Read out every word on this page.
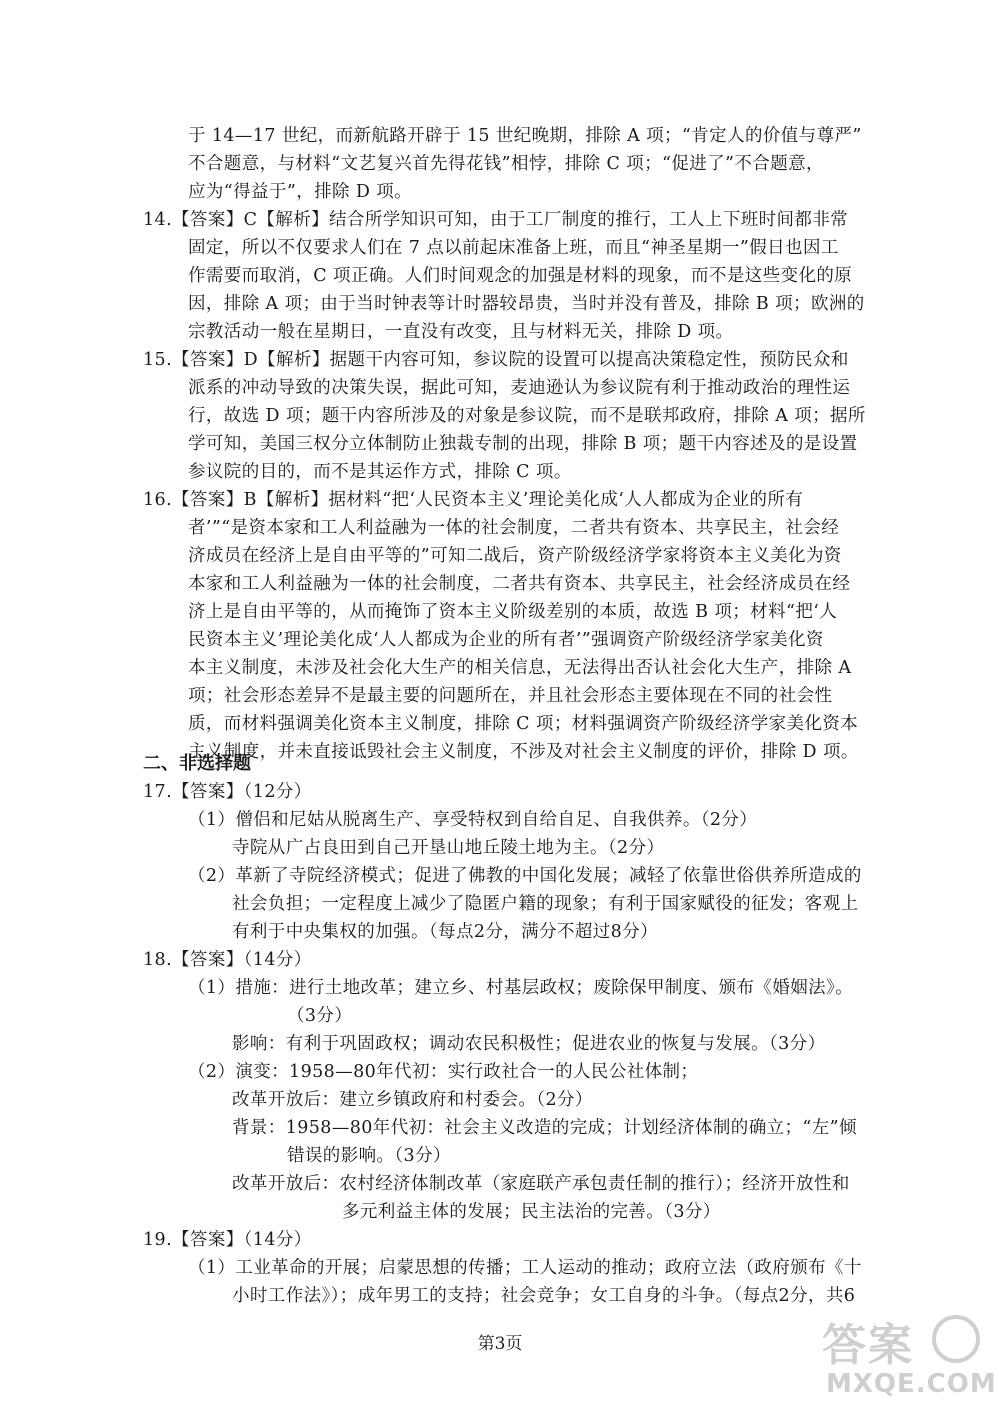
于 14—17 世纪，而新航路开辟于 15 世纪晚期，排除 A 项；“肯定人的价值与尊严”
不合题意，与材料“文艺复兴首先得花钱”相悖，排除 C 项；“促进了”不合题意，
应为“得益于”，排除 D 项。
14.【答案】C【解析】结合所学知识可知，由于工厂制度的推行，工人上下班时间都非常
固定，所以不仅要求人们在 7 点以前起床准备上班，而且“神圣星期一”假日也因工
作需要而取消，C 项正确。人们时间观念的加强是材料的现象，而不是这些变化的原
因，排除 A 项；由于当时钟表等计时器较昂贵，当时并没有普及，排除 B 项；欧洲的
宗教活动一般在星期日，一直没有改变，且与材料无关，排除 D 项。
15.【答案】D【解析】据题干内容可知，参议院的设置可以提高决策稳定性，预防民众和
派系的冲动导致的决策失误，据此可知，麦迪逊认为参议院有利于推动政治的理性运
行，故选 D 项；题干内容所涉及的对象是参议院，而不是联邦政府，排除 A 项；据所
学可知，美国三权分立体制防止独裁专制的出现，排除 B 项；题干内容述及的是设置
参议院的目的，而不是其运作方式，排除 C 项。
16.【答案】B【解析】据材料“把‘人民资本主义’理论美化成‘人人都成为企业的所有
者’”“是资本家和工人利益融为一体的社会制度，二者共有资本、共享民主，社会经
济成员在经济上是自由平等的”可知二战后，资产阶级经济学家将资本主义美化为资
本家和工人利益融为一体的社会制度，二者共有资本、共享民主，社会经济成员在经
济上是自由平等的，从而掩饰了资本主义阶级差别的本质，故选 B 项；材料“把‘人
民资本主义’理论美化成‘人人都成为企业的所有者’”强调资产阶级经济学家美化资
本主义制度，未涉及社会化大生产的相关信息，无法得出否认社会化大生产，排除 A
项；社会形态差异不是最主要的问题所在，并且社会形态主要体现在不同的社会性
质，而材料强调美化资本主义制度，排除 C 项；材料强调资产阶级经济学家美化资本
主义制度，并未直接诋毁社会主义制度，不涉及对社会主义制度的评价，排除 D 项。
二、非选择题
17.【答案】（12分）
（1）僧侣和尼姑从脱离生产、享受特权到自给自足、自我供养。（2分）
寺院从广占良田到自己开垦山地丘陵土地为主。（2分）
（2）革新了寺院经济模式；促进了佛教的中国化发展；减轻了依靠世俗供养所造成的
社会负担；一定程度上减少了隐匿户籍的现象；有利于国家赋役的征发；客观上
有利于中央集权的加强。（每点2分，满分不超过8分）
18.【答案】（14分）
（1）措施：进行土地改革；建立乡、村基层政权；废除保甲制度、颁布《婚姻法》。
（3分）
影响：有利于巩固政权；调动农民积极性；促进农业的恢复与发展。（3分）
（2）演变：1958—80年代初：实行政社合一的人民公社体制；
改革开放后：建立乡镇政府和村委会。（2分）
背景：1958—80年代初：社会主义改造的完成；计划经济体制的确立；“左”倾
错误的影响。（3分）
改革开放后：农村经济体制改革（家庭联产承包责任制的推行）；经济开放性和
多元利益主体的发展；民主法治的完善。（3分）
19.【答案】（14分）
（1）工业革命的开展；启蒙思想的传播；工人运动的推动；政府立法（政府颁布《十
小时工作法》）；成年男工的支持；社会竞争；女工自身的斗争。（每点2分，共6
第3页	答案
MXQE.COM
